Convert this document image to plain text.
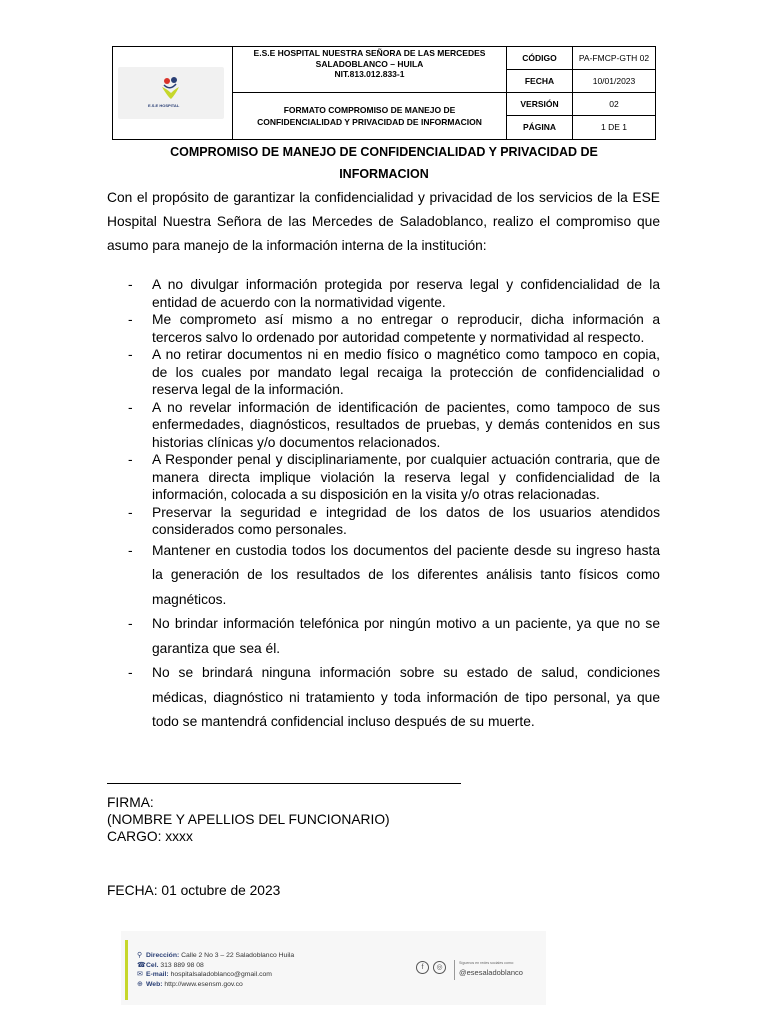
E.S.E HOSPITAL
E.S.E HOSPITAL NUESTRA SEÑORA DE LAS MERCEDES
SALADOBLANCO – HUILA
NIT.813.012.833-1
FORMATO COMPROMISO DE MANEJO DE
CONFIDENCIALIDAD Y PRIVACIDAD DE INFORMACION
CÓDIGO	PA-FMCP-GTH 02
FECHA	10/01/2023
VERSIÓN	02
PÁGINA	1 DE 1
COMPROMISO DE MANEJO DE CONFIDENCIALIDAD Y PRIVACIDAD DE
INFORMACION
Con el propósito de garantizar la confidencialidad y privacidad de los servicios de la ESE Hospital Nuestra Señora de las Mercedes de Saladoblanco, realizo el compromiso que asumo para manejo de la información interna de la institución:
- A no divulgar información protegida por reserva legal y confidencialidad de la entidad de acuerdo con la normatividad vigente.
- Me comprometo así mismo a no entregar o reproducir, dicha información a terceros salvo lo ordenado por autoridad competente y normatividad al respecto.
- A no retirar documentos ni en medio físico o magnético como tampoco en copia, de los cuales por mandato legal recaiga la protección de confidencialidad o reserva legal de la información.
- A no revelar información de identificación de pacientes, como tampoco de sus enfermedades, diagnósticos, resultados de pruebas, y demás contenidos en sus historias clínicas y/o documentos relacionados.
- A Responder penal y disciplinariamente, por cualquier actuación contraria, que de manera directa implique violación la reserva legal y confidencialidad de la información, colocada a su disposición en la visita y/o otras relacionadas.
- Preservar la seguridad e integridad de los datos de los usuarios atendidos considerados como personales.
- Mantener en custodia todos los documentos del paciente desde su ingreso hasta la generación de los resultados de los diferentes análisis tanto físicos como magnéticos.
- No brindar información telefónica por ningún motivo a un paciente, ya que no se garantiza que sea él.
- No se brindará ninguna información sobre su estado de salud, condiciones médicas, diagnóstico ni tratamiento y toda información de tipo personal, ya que todo se mantendrá confidencial incluso después de su muerte.
FIRMA:
(NOMBRE Y APELLIOS DEL FUNCIONARIO)
CARGO: xxxx
FECHA: 01 octubre de 2023
⚲ Dirección: Calle 2 No 3 – 22 Saladoblanco Huila
☎Cel. 313 889 98 08
✉ E-mail: hospitalsaladoblanco@gmail.com
⊕ Web: http://www.esensm.gov.co
f	◎
Síguenos en redes sociales como:
@esesaladoblanco
